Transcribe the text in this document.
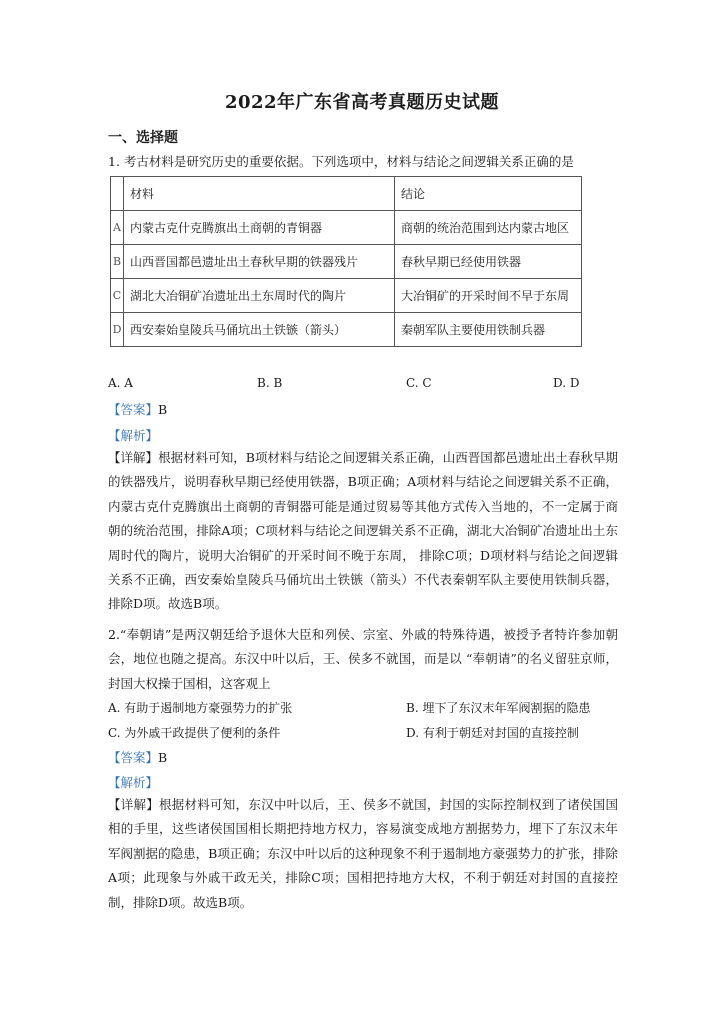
2022年广东省高考真题历史试题
一、选择题
1. 考古材料是研究历史的重要依据。下列选项中，材料与结论之间逻辑关系正确的是
	材料	结论
A	内蒙古克什克腾旗出土商朝的青铜器	商朝的统治范围到达内蒙古地区
B	山西晋国都邑遗址出土春秋早期的铁器残片	春秋早期已经使用铁器
C	湖北大冶铜矿冶遗址出土东周时代的陶片	大冶铜矿的开采时间不早于东周
D	西安秦始皇陵兵马俑坑出土铁镞（箭头）	秦朝军队主要使用铁制兵器
A. A	B. B	C. C	D. D
【答案】B
【解析】
【详解】根据材料可知，B项材料与结论之间逻辑关系正确，山西晋国都邑遗址出土春秋早期的铁器残片，说明春秋早期已经使用铁器，B项正确；A项材料与结论之间逻辑关系不正确，内蒙古克什克腾旗出土商朝的青铜器可能是通过贸易等其他方式传入当地的，不一定属于商朝的统治范围，排除A项；C项材料与结论之间逻辑关系不正确，湖北大冶铜矿冶遗址出土东周时代的陶片，说明大冶铜矿的开采时间不晚于东周， 排除C项；D项材料与结论之间逻辑关系不正确，西安秦始皇陵兵马俑坑出土铁镞（箭头）不代表秦朝军队主要使用铁制兵器，排除D项。故选B项。
2.“奉朝请”是两汉朝廷给予退休大臣和列侯、宗室、外戚的特殊待遇，被授予者特许参加朝会，地位也随之提高。东汉中叶以后，王、侯多不就国，而是以 “奉朝请”的名义留驻京师，封国大权操于国相，这客观上
A. 有助于遏制地方豪强势力的扩张	B. 埋下了东汉末年军阀割据的隐患
C. 为外戚干政提供了便利的条件	D. 有利于朝廷对封国的直接控制
【答案】B
【解析】
【详解】根据材料可知，东汉中叶以后，王、侯多不就国，封国的实际控制权到了诸侯国国相的手里，这些诸侯国国相长期把持地方权力，容易演变成地方割据势力，埋下了东汉末年军阀割据的隐患，B项正确；东汉中叶以后的这种现象不利于遏制地方豪强势力的扩张，排除A项；此现象与外戚干政无关，排除C项；国相把持地方大权，不利于朝廷对封国的直接控制，排除D项。故选B项。
